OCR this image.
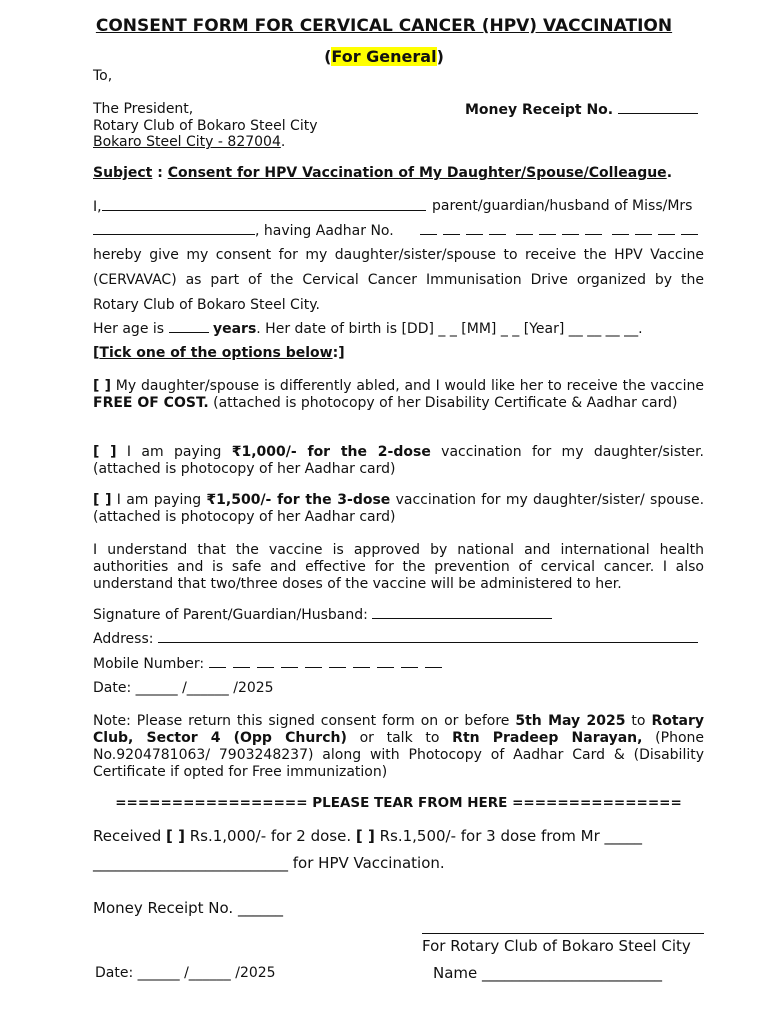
CONSENT FORM FOR CERVICAL CANCER (HPV) VACCINATION
(For General)
To,
The President,
Rotary Club of Bokaro Steel City
Bokaro Steel City - 827004.
Money Receipt No.
Subject : Consent for HPV Vaccination of My Daughter/Spouse/Colleague.
I,	parent/guardian/husband of Miss/Mrs
, having Aadhar No.
hereby give my consent for my daughter/sister/spouse to receive the HPV Vaccine (CERVAVAC) as part of the Cervical Cancer Immunisation Drive organized by the Rotary Club of Bokaro Steel City.
Her age is	years. Her date of birth is [DD] _ _ [MM] _ _ [Year] __ __ __ __.
[Tick one of the options below:]
[ ] My daughter/spouse is differently abled, and I would like her to receive the vaccine FREE OF COST. (attached is photocopy of her Disability Certificate & Aadhar card)
[ ] I am paying ₹1,000/- for the 2-dose vaccination for my daughter/sister. (attached is photocopy of her Aadhar card)
[ ] I am paying ₹1,500/- for the 3-dose vaccination for my daughter/sister/ spouse. (attached is photocopy of her Aadhar card)
I understand that the vaccine is approved by national and international health authorities and is safe and effective for the prevention of cervical cancer. I also understand that two/three doses of the vaccine will be administered to her.
Signature of Parent/Guardian/Husband:
Address:
Mobile Number:
Date: ______ /______ /2025
Note: Please return this signed consent form on or before 5th May 2025 to Rotary Club, Sector 4 (Opp Church) or talk to Rtn Pradeep Narayan, (Phone No.9204781063/ 7903248237) along with Photocopy of Aadhar Card & (Disability Certificate if opted for Free immunization)
================= PLEASE TEAR FROM HERE ===============
Received [ ] Rs.1,000/- for 2 dose. [ ] Rs.1,500/- for 3 dose from Mr _____
__________________________ for HPV Vaccination.
Money Receipt No. ______
For Rotary Club of Bokaro Steel City
Date: ______ /______ /2025	Name ________________________
